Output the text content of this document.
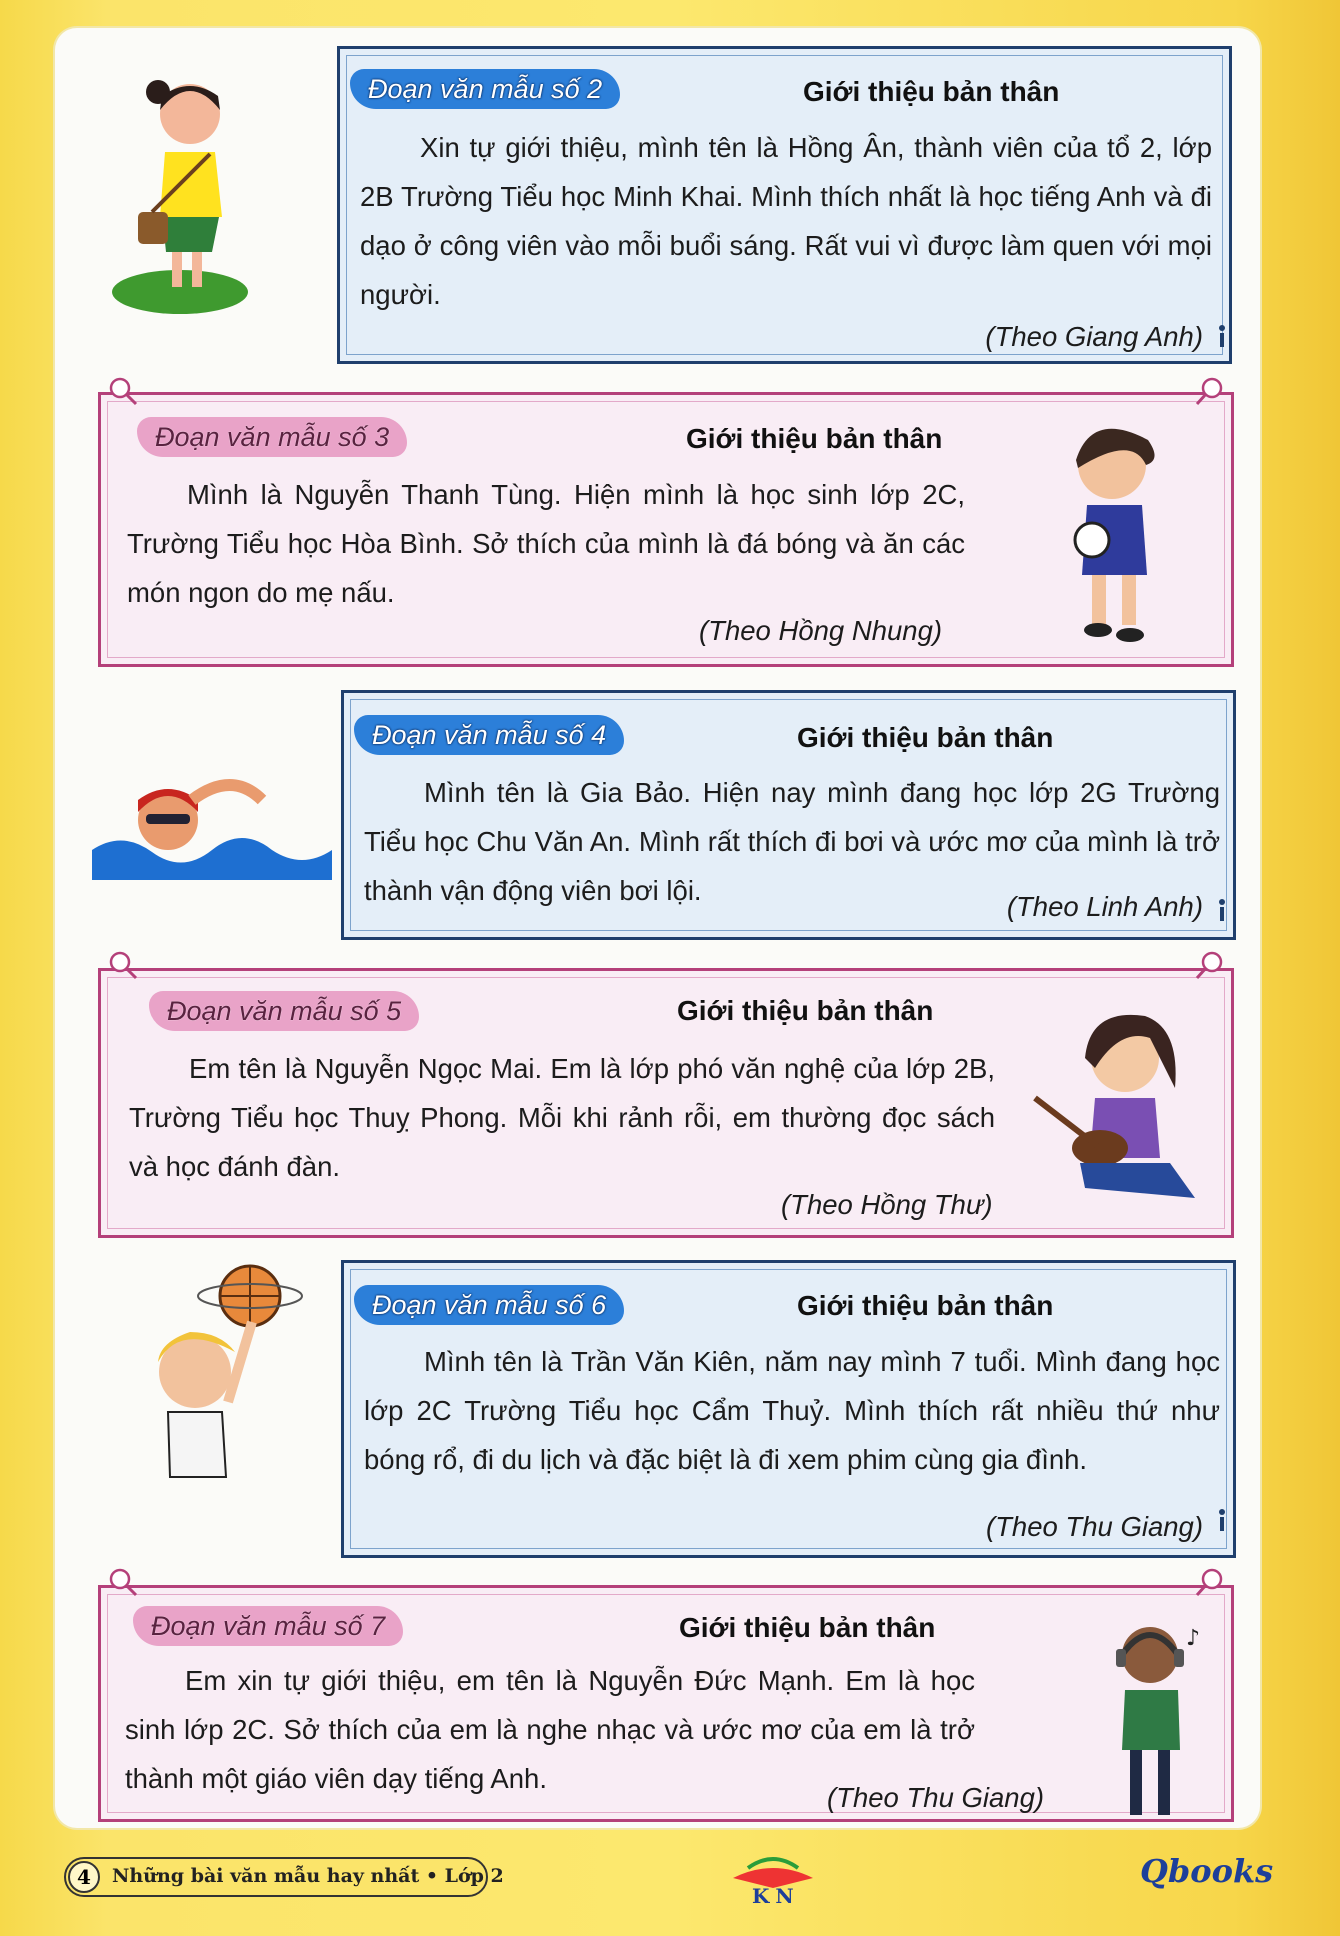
Đoạn văn mẫu số 2	Giới thiệu bản thân

Xin tự giới thiệu, mình tên là Hồng Ân, thành viên của tổ 2, lớp 2B Trường Tiểu học Minh Khai. Mình thích nhất là học tiếng Anh và đi dạo ở công viên vào mỗi buổi sáng. Rất vui vì được làm quen với mọi người.

(Theo Giang Anh)
Đoạn văn mẫu số 3	Giới thiệu bản thân

Mình là Nguyễn Thanh Tùng. Hiện mình là học sinh lớp 2C, Trường Tiểu học Hòa Bình. Sở thích của mình là đá bóng và ăn các món ngon do mẹ nấu.

(Theo Hồng Nhung)
Đoạn văn mẫu số 4	Giới thiệu bản thân

Mình tên là Gia Bảo. Hiện nay mình đang học lớp 2G Trường Tiểu học Chu Văn An. Mình rất thích đi bơi và ước mơ của mình là trở thành vận động viên bơi lội.

(Theo Linh Anh)
Đoạn văn mẫu số 5	Giới thiệu bản thân

Em tên là Nguyễn Ngọc Mai. Em là lớp phó văn nghệ của lớp 2B, Trường Tiểu học Thuỵ Phong. Mỗi khi rảnh rỗi, em thường đọc sách và học đánh đàn.

(Theo Hồng Thư)
Đoạn văn mẫu số 6	Giới thiệu bản thân

Mình tên là Trần Văn Kiên, năm nay mình 7 tuổi. Mình đang học lớp 2C Trường Tiểu học Cẩm Thuỷ. Mình thích rất nhiều thứ như bóng rổ, đi du lịch và đặc biệt là đi xem phim cùng gia đình.

(Theo Thu Giang)
Đoạn văn mẫu số 7	Giới thiệu bản thân

Em xin tự giới thiệu, em tên là Nguyễn Đức Mạnh. Em là học sinh lớp 2C. Sở thích của em là nghe nhạc và ước mơ của em là trở thành một giáo viên dạy tiếng Anh.

(Theo Thu Giang)
♪
4	Những bài văn mẫu hay nhất • Lớp 2
KN
Qbooks
